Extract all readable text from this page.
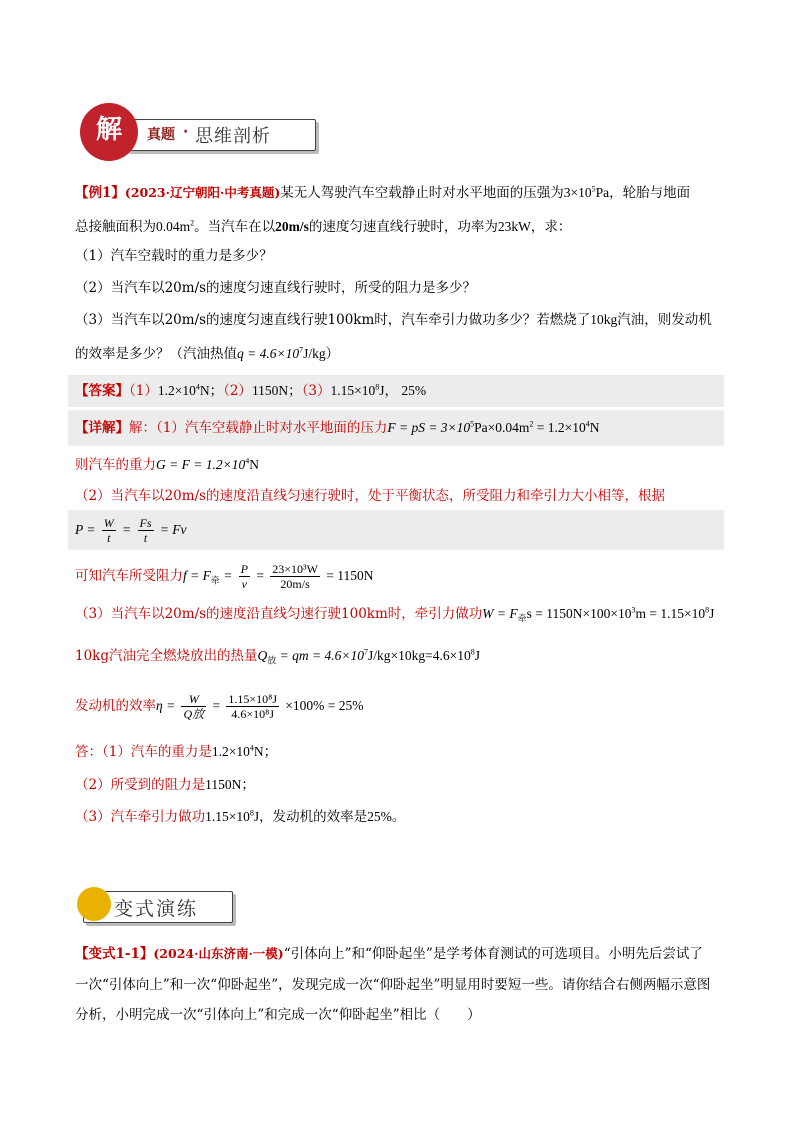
真题 · 思维剖析
解
【例1】(2023·辽宁朝阳·中考真题)某无人驾驶汽车空载静止时对水平地面的压强为$3\times 10^5Pa$，轮胎与地面
总接触面积为$0.04m^2$。当汽车在以20m/s的速度匀速直线行驶时，功率为23kW，求：
（1）汽车空载时的重力是多少？
（2）当汽车以20m/s的速度匀速直线行驶时，所受的阻力是多少？
（3）当汽车以20m/s的速度匀速直线行驶100km时，汽车牵引力做功多少？若燃烧了10kg汽油，则发动机
的效率是多少？（汽油热值$q = 4.6\times 10^7J/kg$）
【答案】$(1)1.2\times 10^4N$；（2）1150N；$(3)1.15\times 10^8J$， 25%
【详解】解：（1）汽车空载静止时对水平地面的压力F = pS = $3\times 10^5Pa\times 0.04m^2 = 1.2\times 10^4N$
则汽车的重力$G = F = 1.2\times 10^4N$
（2）当汽车以20m/s的速度沿直线匀速行驶时，处于平衡状态，所受阻力和牵引力大小相等，根据
$P = \frac{W}{t} = \frac{Fs}{t} = Fv$
可知汽车所受阻力$f = F_牵 = \frac{P}{v} = \frac{\text{23×10³W}}{20m/s} = 1150N$
（3）当汽车以20m/s的速度沿直线匀速行驶100km时，牵引力做功$W = F_牵s = 1150N\times 100\times 10^3m = 1.15\times 10^8J$
10kg汽油完全燃烧放出的热量$Q_放$ = qm = $4.6\times 10^7J/kg\times 10kg=4.6\times 10^8J$
发动机的效率$\eta = \frac{W}{\text{Q放}} = \frac{\text{1.15×10⁸J}}{\text{4.6×10⁸J}} \times 100\% = 25\%$
答：（1）汽车的重力是$1.2\times 10^4N$；
（2）所受到的阻力是1150N；
（3）汽车牵引力做功$1.15\times 10^8J$，发动机的效率是25%。
变式演练
【变式1-1】(2024·山东济南·一模)“引体向上”和“仰卧起坐”是学考体育测试的可选项目。小明先后尝试了
一次“引体向上”和一次“仰卧起坐”，发现完成一次“仰卧起坐”明显用时要短一些。请你结合右侧两幅示意图
分析，小明完成一次“引体向上”和完成一次“仰卧起坐”相比（　　）
